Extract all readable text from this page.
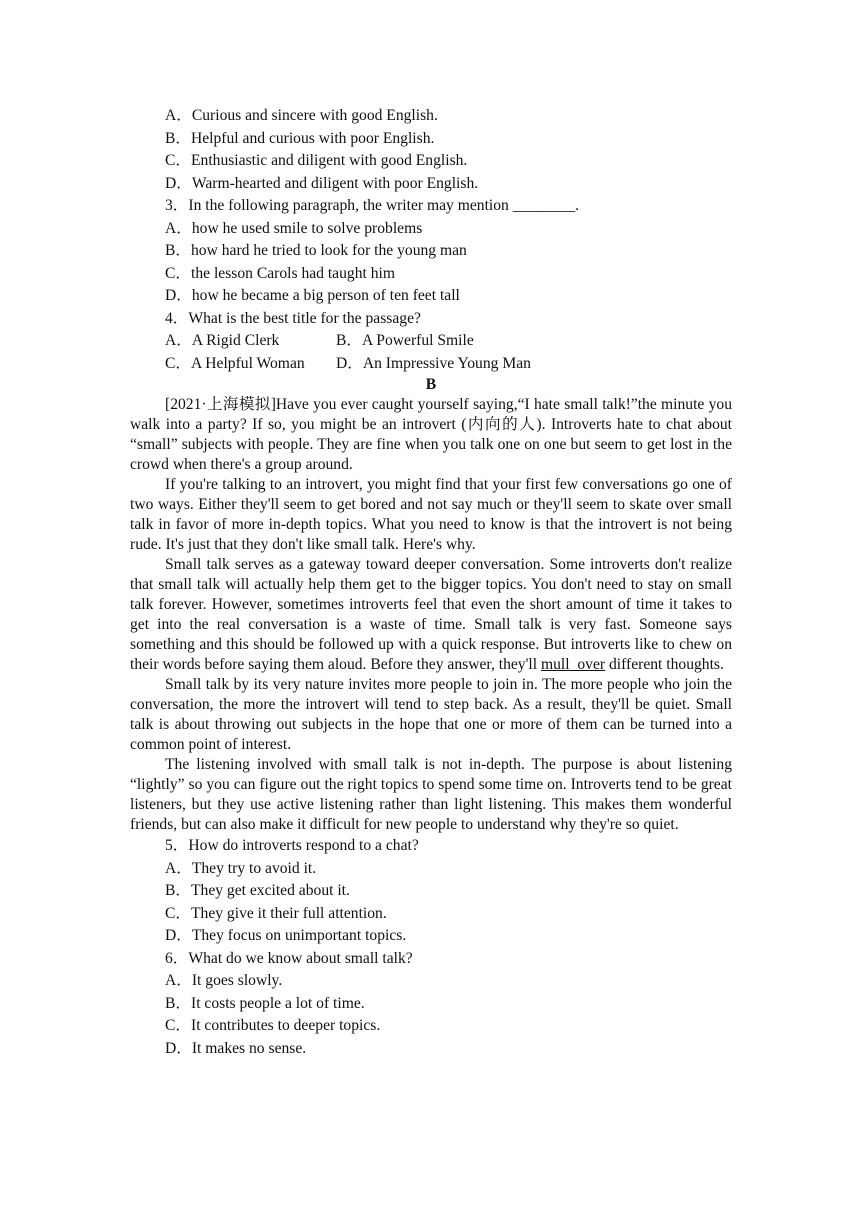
A．Curious and sincere with good English.
B．Helpful and curious with poor English.
C．Enthusiastic and diligent with good English.
D．Warm-hearted and diligent with poor English.
3．In the following paragraph, the writer may mention ________.
A．how he used smile to solve problems
B．how hard he tried to look for the young man
C．the lesson Carols had taught him
D．how he became a big person of ten feet tall
4．What is the best title for the passage?
A．A Rigid Clerk	B．A Powerful Smile
C．A Helpful Woman D．An Impressive Young Man
B

[2021·上海模拟]Have you ever caught yourself saying,“I hate small talk!”the minute you walk into a party? If so, you might be an introvert (内向的人). Introverts hate to chat about “small” subjects with people. They are fine when you talk one on one but seem to get lost in the crowd when there's a group around.

If you're talking to an introvert, you might find that your first few conversations go one of two ways. Either they'll seem to get bored and not say much or they'll seem to skate over small talk in favor of more in-depth topics. What you need to know is that the introvert is not being rude. It's just that they don't like small talk. Here's why.

Small talk serves as a gateway toward deeper conversation. Some introverts don't realize that small talk will actually help them get to the bigger topics. You don't need to stay on small talk forever. However, sometimes introverts feel that even the short amount of time it takes to get into the real conversation is a waste of time. Small talk is very fast. Someone says something and this should be followed up with a quick response. But introverts like to chew on their words before saying them aloud. Before they answer, they'll mull_over different thoughts.

Small talk by its very nature invites more people to join in. The more people who join the conversation, the more the introvert will tend to step back. As a result, they'll be quiet. Small talk is about throwing out subjects in the hope that one or more of them can be turned into a common point of interest.

The listening involved with small talk is not in-depth. The purpose is about listening “lightly” so you can figure out the right topics to spend some time on. Introverts tend to be great listeners, but they use active listening rather than light listening. This makes them wonderful friends, but can also make it difficult for new people to understand why they're so quiet.

5．How do introverts respond to a chat?
A．They try to avoid it.
B．They get excited about it.
C．They give it their full attention.
D．They focus on unimportant topics.
6．What do we know about small talk?
A．It goes slowly.
B．It costs people a lot of time.
C．It contributes to deeper topics.
D．It makes no sense.
